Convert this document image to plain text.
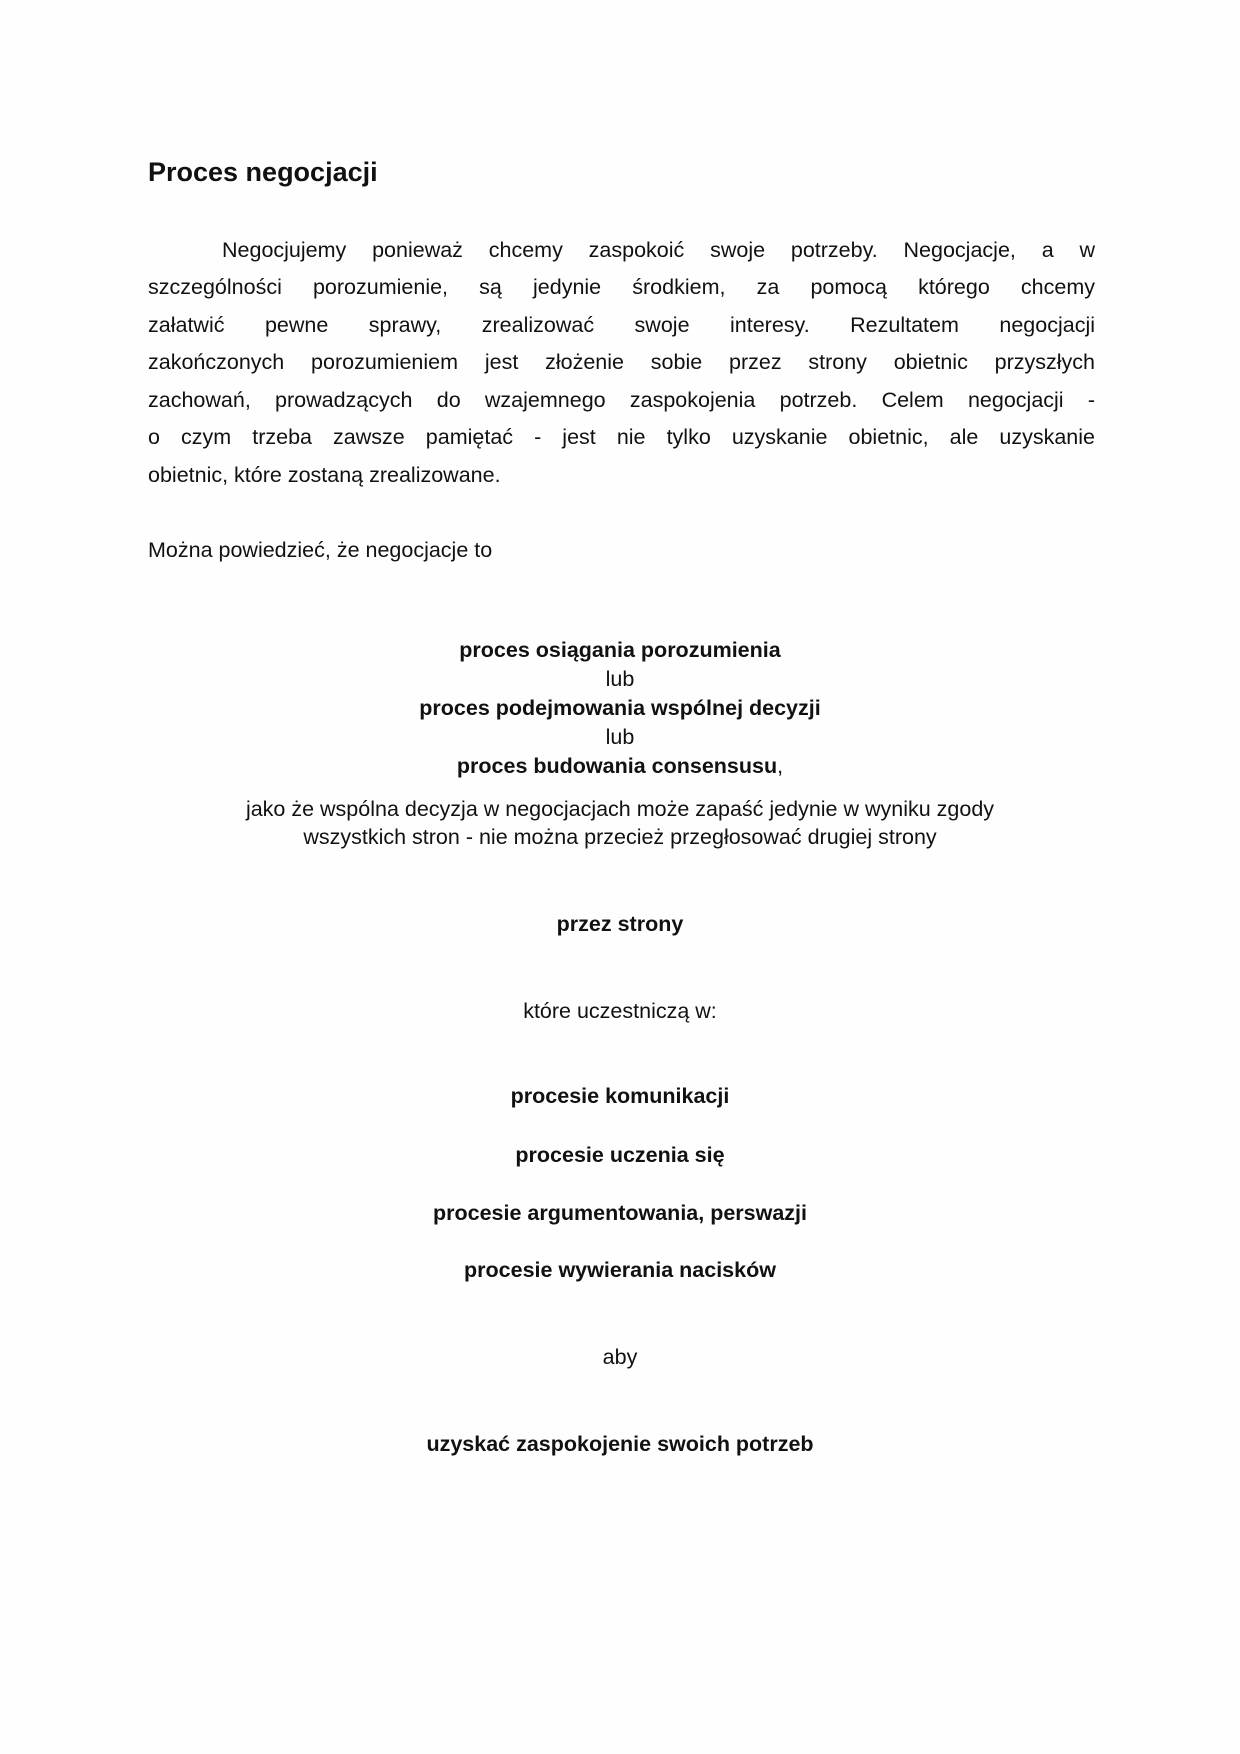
Proces negocjacji
Negocjujemy ponieważ chcemy zaspokoić swoje potrzeby. Negocjacje, a w
szczególności porozumienie, są jedynie środkiem, za pomocą którego chcemy
załatwić pewne sprawy, zrealizować swoje interesy. Rezultatem negocjacji
zakończonych porozumieniem jest złożenie sobie przez strony obietnic przyszłych
zachowań, prowadzących do wzajemnego zaspokojenia potrzeb. Celem negocjacji -
o czym trzeba zawsze pamiętać - jest nie tylko uzyskanie obietnic, ale uzyskanie
obietnic, które zostaną zrealizowane.
Można powiedzieć, że negocjacje to
proces osiągania porozumienia
lub
proces podejmowania wspólnej decyzji
lub
proces budowania consensusu,
jako że wspólna decyzja w negocjacjach może zapaść jedynie w wyniku zgody
wszystkich stron - nie można przecież przegłosować drugiej strony
przez strony
które uczestniczą w:
procesie komunikacji
procesie uczenia się
procesie argumentowania, perswazji
procesie wywierania nacisków
aby
uzyskać zaspokojenie swoich potrzeb
